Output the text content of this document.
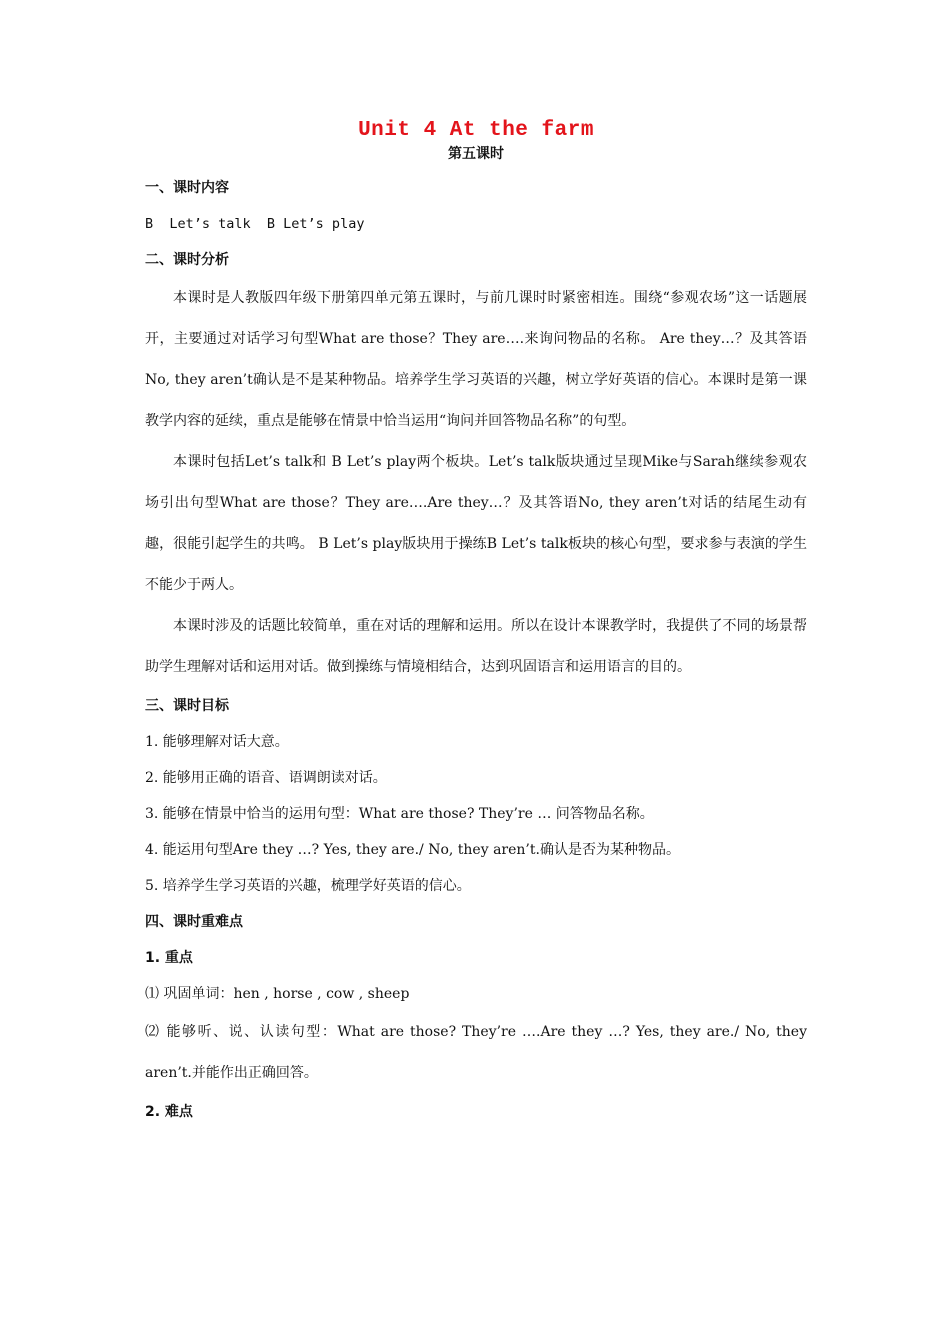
Unit 4 At the farm
第五课时

一、课时内容

B  Let’s talk  B Let’s play

二、课时分析

本课时是人教版四年级下册第四单元第五课时，与前几课时时紧密相连。围绕“参观农场”这一话题展开，主要通过对话学习句型What are those？They are….来询问物品的名称。 Are they…？及其答语No, they aren’t确认是不是某种物品。培养学生学习英语的兴趣，树立学好英语的信心。本课时是第一课教学内容的延续，重点是能够在情景中恰当运用“询问并回答物品名称”的句型。

本课时包括Let’s talk和 B Let’s play两个板块。Let’s talk版块通过呈现Mike与Sarah继续参观农场引出句型What are those？They are….Are they…？及其答语No, they aren’t对话的结尾生动有趣，很能引起学生的共鸣。 B Let’s play版块用于操练B Let’s talk板块的核心句型，要求参与表演的学生不能少于两人。

本课时涉及的话题比较简单，重在对话的理解和运用。所以在设计本课教学时，我提供了不同的场景帮助学生理解对话和运用对话。做到操练与情境相结合，达到巩固语言和运用语言的目的。

三、课时目标

1. 能够理解对话大意。

2. 能够用正确的语音、语调朗读对话。

3. 能够在情景中恰当的运用句型：What are those? They’re … 问答物品名称。

4. 能运用句型Are they …? Yes, they are./ No, they aren’t.确认是否为某种物品。

5. 培养学生学习英语的兴趣，梳理学好英语的信心。

四、课时重难点

1. 重点

⑴ 巩固单词：hen , horse , cow , sheep

⑵ 能够听、说、认读句型：What are those? They’re ….Are they …? Yes, they are./ No, they aren’t.并能作出正确回答。

2. 难点
